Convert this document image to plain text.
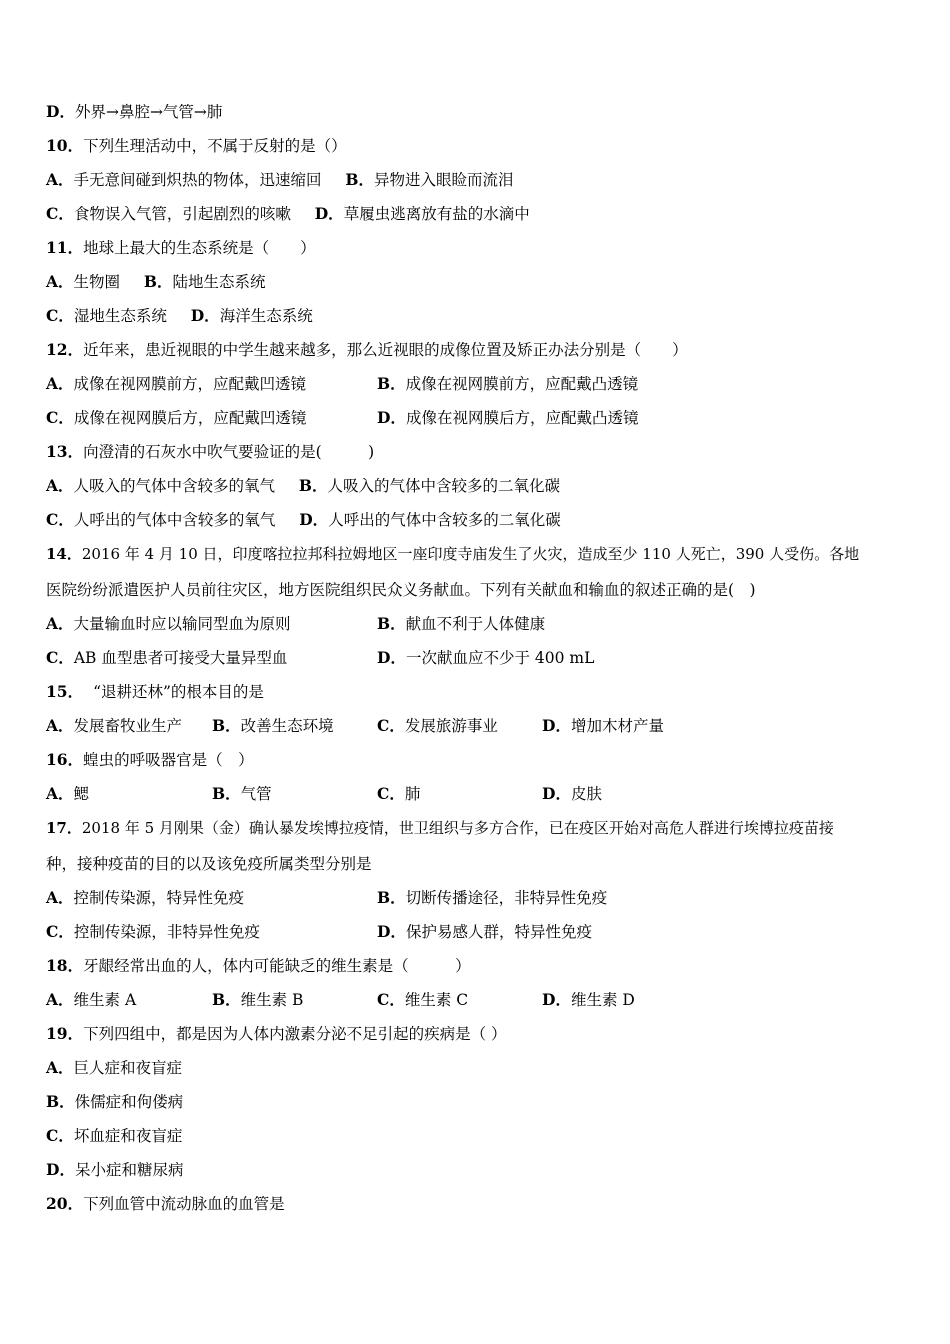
D．外界→鼻腔→气管→肺
10．下列生理活动中，不属于反射的是（）
A．手无意间碰到炽热的物体，迅速缩回 B．异物进入眼睑而流泪
C．食物误入气管，引起剧烈的咳嗽 D．草履虫逃离放有盐的水滴中
11．地球上最大的生态系统是（　　）
A．生物圈 B．陆地生态系统
C．湿地生态系统 D．海洋生态系统
12．近年来，患近视眼的中学生越来越多，那么近视眼的成像位置及矫正办法分别是（　　）
A．成像在视网膜前方，应配戴凹透镜	B．成像在视网膜前方，应配戴凸透镜
C．成像在视网膜后方，应配戴凹透镜	D．成像在视网膜后方，应配戴凸透镜
13．向澄清的石灰水中吹气要验证的是(　　　)
A．人吸入的气体中含较多的氧气 B．人吸入的气体中含较多的二氧化碳
C．人呼出的气体中含较多的氧气 D．人呼出的气体中含较多的二氧化碳
14．2016 年 4 月 10 日，印度喀拉拉邦科拉姆地区一座印度寺庙发生了火灾，造成至少 110 人死亡，390 人受伤。各地
医院纷纷派遣医护人员前往灾区，地方医院组织民众义务献血。下列有关献血和输血的叙述正确的是(　)
A．大量输血时应以输同型血为原则	B．献血不利于人体健康
C．AB 血型患者可接受大量异型血	D．一次献血应不少于 400 mL
15． “退耕还林”的根本目的是
A．发展畜牧业生产 B．改善生态环境	C．发展旅游事业	D．增加木材产量
16．蝗虫的呼吸器官是（　）
A．鳃	B．气管	C．肺	D．皮肤
17．2018 年 5 月刚果（金）确认暴发埃博拉疫情，世卫组织与多方合作，已在疫区开始对高危人群进行埃博拉疫苗接
种，接种疫苗的目的以及该免疫所属类型分别是
A．控制传染源，特异性免疫	B．切断传播途径，非特异性免疫
C．控制传染源，非特异性免疫	D．保护易感人群，特异性免疫
18．牙龈经常出血的人，体内可能缺乏的维生素是（　　　）
A．维生素 A	B．维生素 B	C．维生素 C	D．维生素 D
19．下列四组中，都是因为人体内激素分泌不足引起的疾病是（ ）
A．巨人症和夜盲症
B．侏儒症和佝偻病
C．坏血症和夜盲症
D．呆小症和糖尿病
20．下列血管中流动脉血的血管是
